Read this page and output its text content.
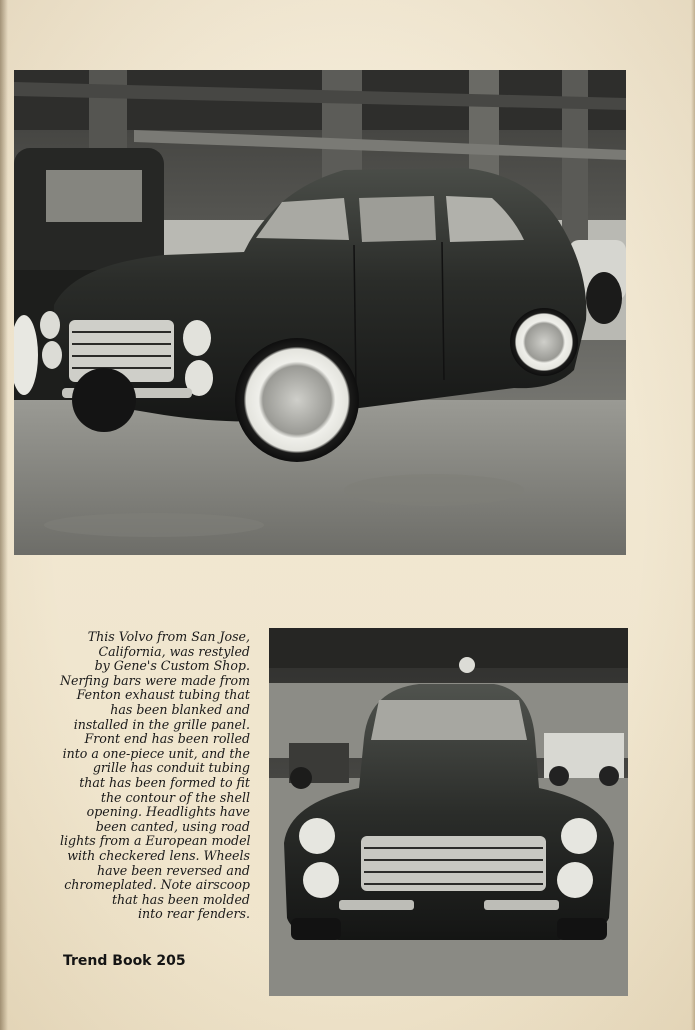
This Volvo from San Jose,
California, was restyled
by Gene's Custom Shop.
Nerfing bars were made from
Fenton exhaust tubing that
has been blanked and
installed in the grille panel.
Front end has been rolled
into a one-piece unit, and the
grille has conduit tubing
that has been formed to fit
the contour of the shell
opening. Headlights have
been canted, using road
lights from a European model
with checkered lens. Wheels
have been reversed and
chromeplated. Note airscoop
that has been molded
into rear fenders.

Trend Book 205
